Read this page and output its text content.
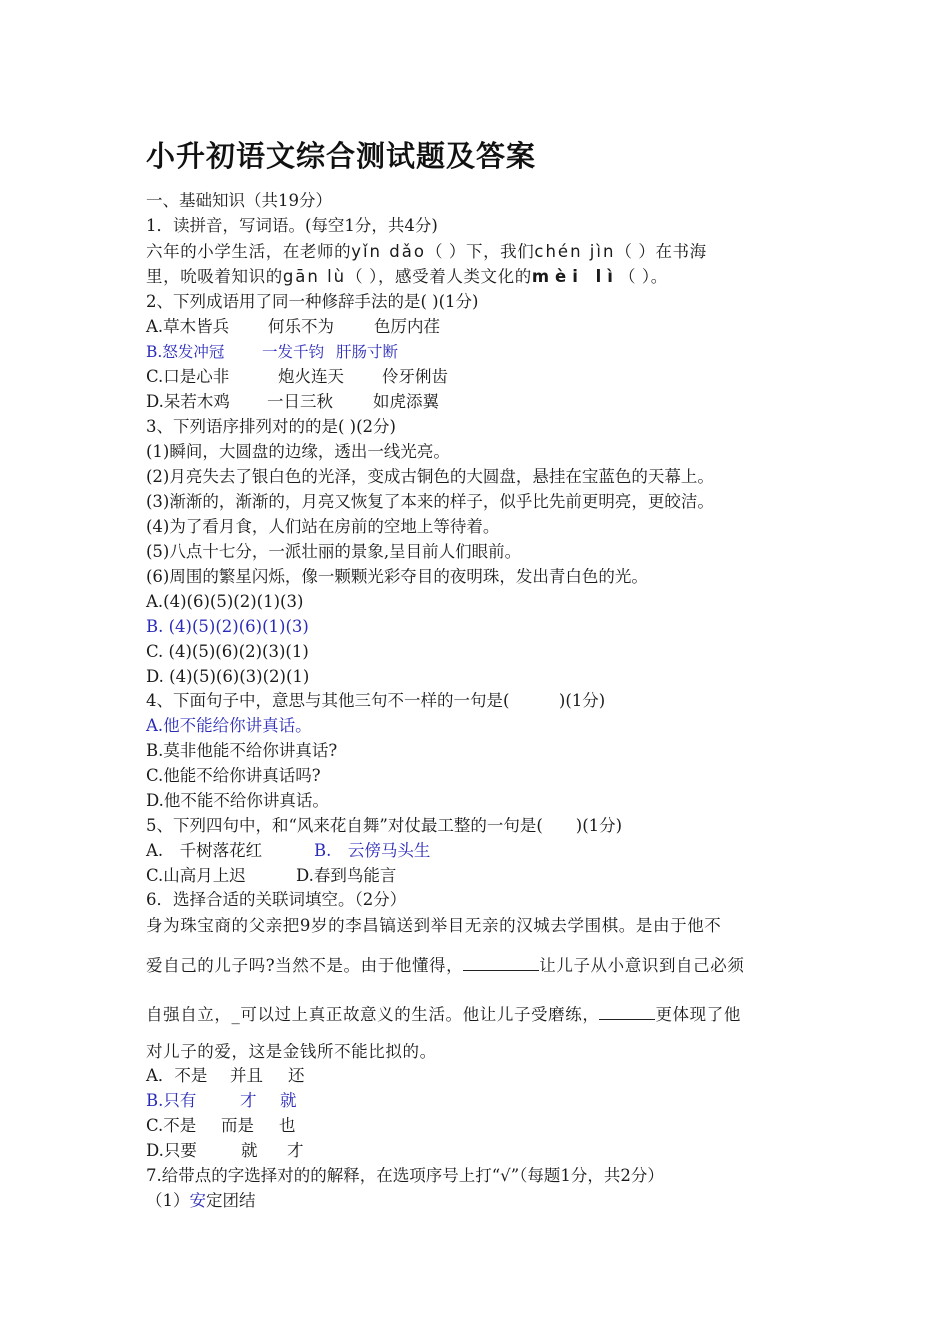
小升初语文综合测试题及答案
一、基础知识（共19分）
1．读拼音，写词语。(每空1分，共4分)
六年的小学生活，在老师的yǐn dǎo（ ）下，我们chén jìn（ ）在书海
里，吮吸着知识的gān lù（ ），感受着人类文化的mèi lì（ ）。
2、下列成语用了同一种修辞手法的是( )(1分)
A.草木皆兵 何乐不为 色厉内荏
B.怒发冲冠 一发千钧 肝肠寸断
C.口是心非	炮火连天 伶牙俐齿
D.呆若木鸡 一日三秋 如虎添翼
3、下列语序排列对的的是( )(2分)
(1)瞬间，大圆盘的边缘，透出一线光亮。
(2)月亮失去了银白色的光泽，变成古铜色的大圆盘，悬挂在宝蓝色的天幕上。
(3)渐渐的，渐渐的，月亮又恢复了本来的样子，似乎比先前更明亮，更皎洁。
(4)为了看月食，人们站在房前的空地上等待着。
(5)八点十七分，一派壮丽的景象,呈目前人们眼前。
(6)周围的繁星闪烁，像一颗颗光彩夺目的夜明珠，发出青白色的光。
A.(4)(6)(5)(2)(1)(3)
B. (4)(5)(2)(6)(1)(3)
C. (4)(5)(6)(2)(3)(1)
D. (4)(5)(6)(3)(2)(1)
4、下面句子中，意思与其他三句不一样的一句是(　　　)(1分)
A.他不能给你讲真话。
B.莫非他能不给你讲真话?
C.他能不给你讲真话吗?
D.他不能不给你讲真话。
5、下列四句中，和“风来花自舞”对仗最工整的一句是(　　)(1分)
A.　千树落花红	B.　云傍马头生
C.山高月上迟	D.春到鸟能言
6．选择合适的关联词填空。（2分）
身为珠宝商的父亲把9岁的李昌镐送到举目无亲的汉城去学围棋。是由于他不
爱自己的儿子吗?当然不是。由于他懂得，	让儿子从小意识到自己必须
自强自立，_可以过上真正故意义的生活。他让儿子受磨练，	更体现了他
对儿子的爱，这是金钱所不能比拟的。
A．不是 并且 还
B.只有	才 就
C.不是 而是 也
D.只要	就 才
7.给带点的字选择对的的解释，在选项序号上打“√”（每题1分，共2分）
（1）安定团结
